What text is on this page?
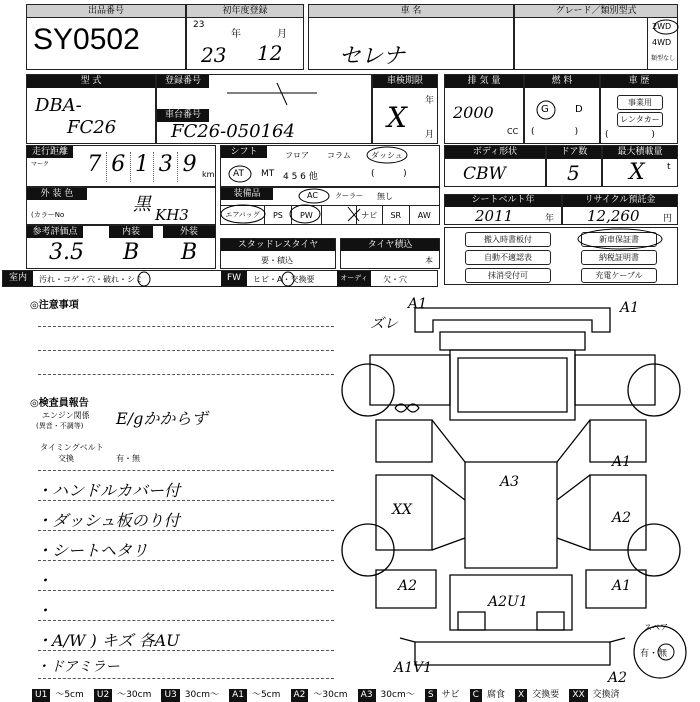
出品番号
SY0502
初年度登録
23
年	月
23 12
車 名
セレナ
グレード／類別型式
2WD
4WD
類型なし
型 式
DBA-
FC26
登録番号
車台番号
FC26-050164
車検期限
年
月
X
排 気 量
2000
CC
燃 料
G	D
(              )
車 歴
事業用
レンタカー
(               )
走行距離
マーク 7 6 1 3 9 km
シフト	フロア コラム	ダッシュ
AT MT 4 5 6 他	(          )
ボディ形状
CBW
ドア数
5
最大積載量
X t
外 装 色
(カラーNo	黒 KH3
装備品	AC クーラー 無し
エアバッグ	PS	PW	ナビ	SR	AW
シートベルト年
2011	年
リサイクル預託金
12,260	円
参考評価点
3.5
内装
B
外装
B	スタッドレスタイヤ
要・積込
タイヤ積込
本
搬入時書板付	新車保証書
自動不適認表	納税証明書
抹消受付可	充電ケーブル
室内	汚れ・コゲ・穴・破れ・シミ	FW	ヒビ・A・交換要	オーディオ
欠・穴
◎注意事項
◎検査員報告
エンジン関係
(異音・不調等) E/gかからず
タイミングベルト
交換	有・無
・ハンドルカバー付
・ダッシュ板のり付
・シートヘタリ
・
・
・A/W ) キズ 各AU
・ドアミラー
A1
ズレ
A1
A1
A2
XX
A3
A2
A2U1
A1
A1V1
A2
スペア
有・無
U1 ～5cm U2 ～30cm U3 30cm～ A1 ～5cm A2 ～30cm A3 30cm～ S サビ C 腐食 X 交換要 XX 交換済
